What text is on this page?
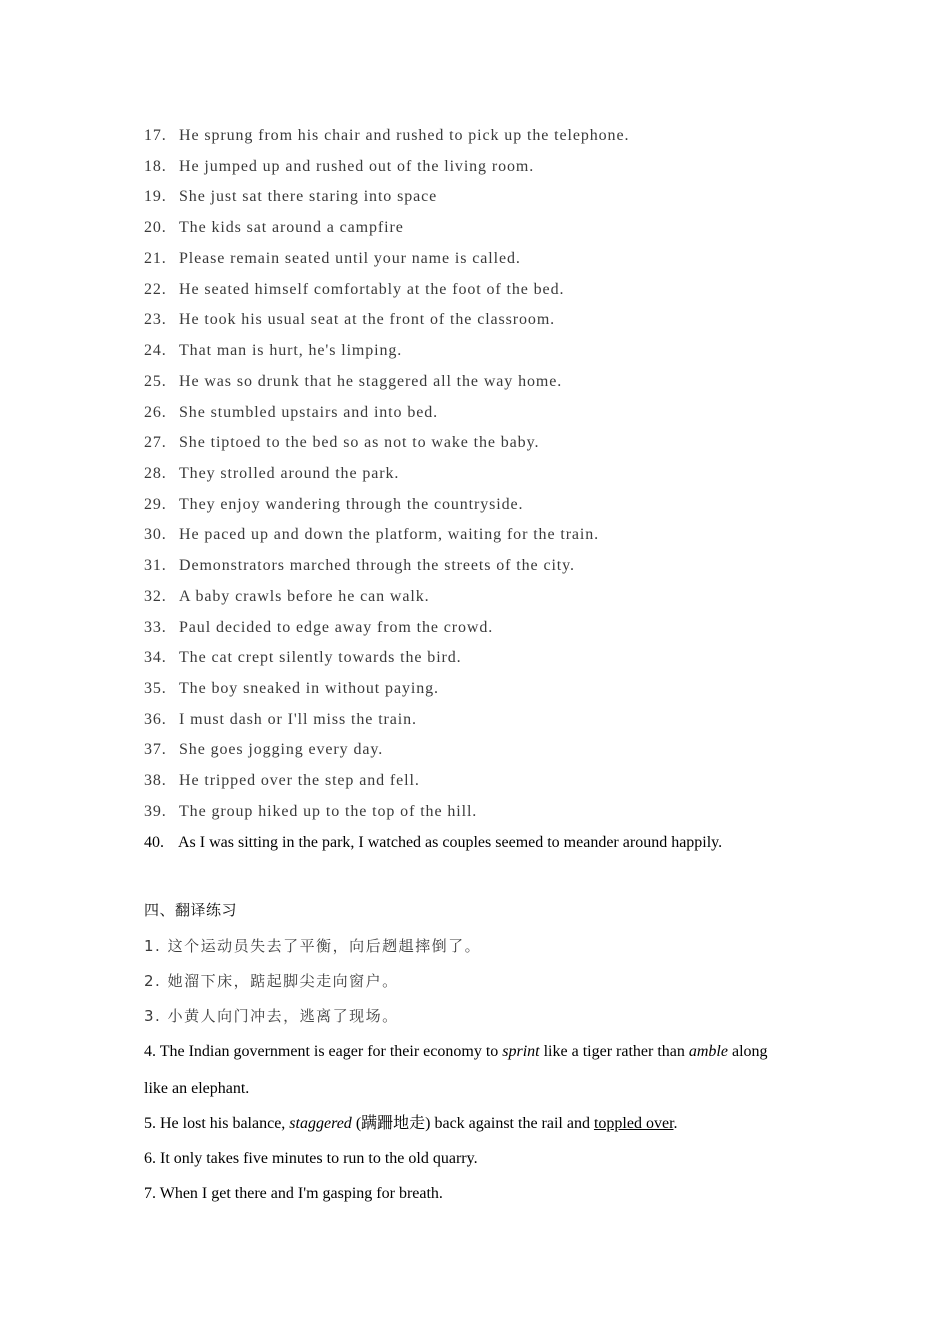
17. He sprung from his chair and rushed to pick up the telephone.
18. He jumped up and rushed out of the living room.
19. She just sat there staring into space
20. The kids sat around a campfire
21. Please remain seated until your name is called.
22. He seated himself comfortably at the foot of the bed.
23. He took his usual seat at the front of the classroom.
24. That man is hurt, he's limping.
25. He was so drunk that he staggered all the way home.
26. She stumbled upstairs and into bed.
27. She tiptoed to the bed so as not to wake the baby.
28. They strolled around the park.
29. They enjoy wandering through the countryside.
30. He paced up and down the platform, waiting for the train.
31. Demonstrators marched through the streets of the city.
32. A baby crawls before he can walk.
33. Paul decided to edge away from the crowd.
34. The cat crept silently towards the bird.
35. The boy sneaked in without paying.
36. I must dash or I'll miss the train.
37. She goes jogging every day.
38. He tripped over the step and fell.
39. The group hiked up to the top of the hill.
40. As I was sitting in the park, I watched as couples seemed to meander around happily.
四、翻译练习
1. 这个运动员失去了平衡，向后趔趄摔倒了。
2. 她溜下床，踮起脚尖走向窗户。
3. 小黄人向门冲去，逃离了现场。
4. The Indian government is eager for their economy to sprint like a tiger rather than amble along
like an elephant.
5. He lost his balance, staggered (蹒跚地走) back against the rail and toppled over.
6. It only takes five minutes to run to the old quarry.
7. When I get there and I'm gasping for breath.
